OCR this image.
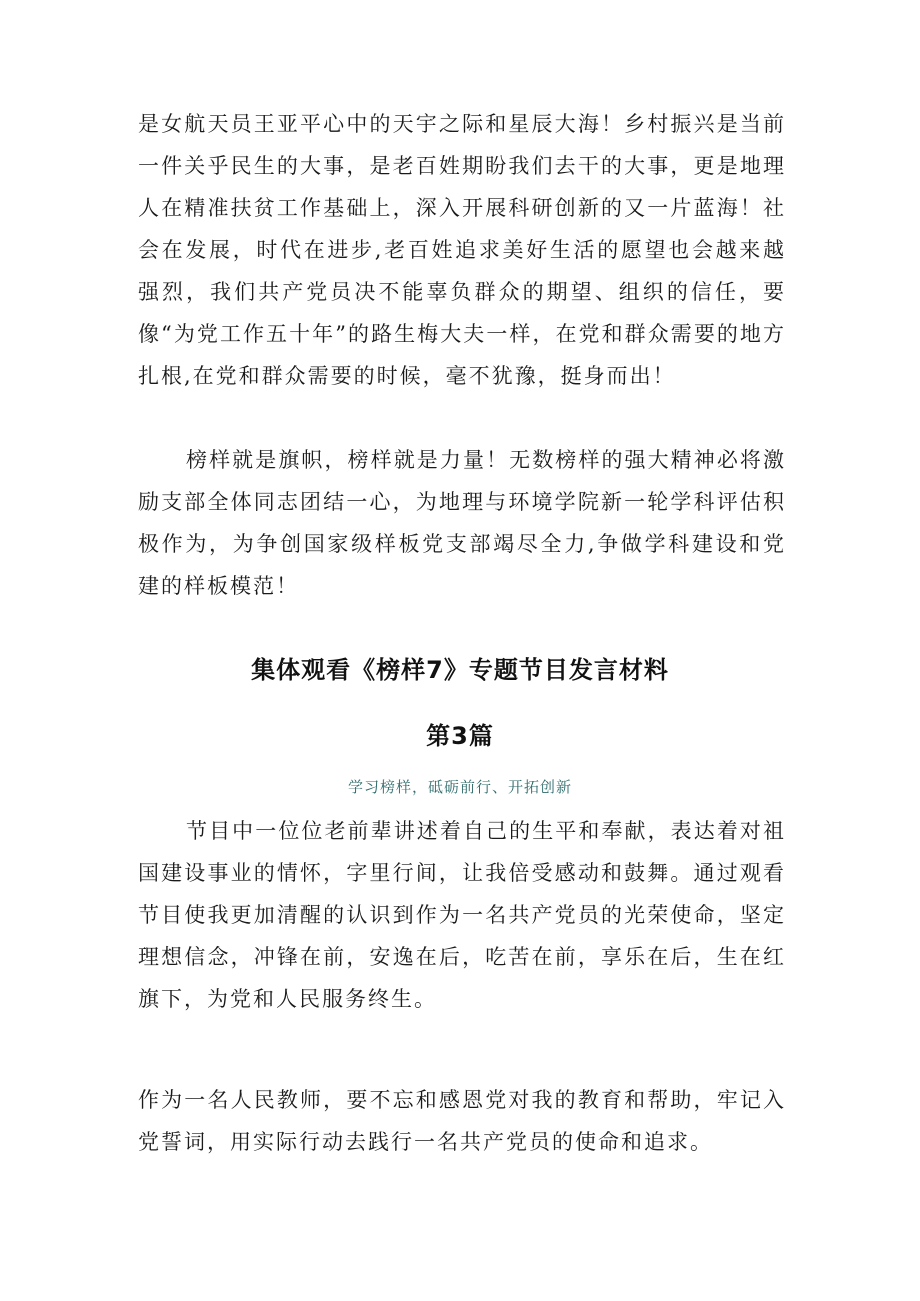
是女航天员王亚平心中的天宇之际和星辰大海！乡村振兴是当前一件关乎民生的大事，是老百姓期盼我们去干的大事，更是地理人在精准扶贫工作基础上，深入开展科研创新的又一片蓝海！社会在发展，时代在进步,老百姓追求美好生活的愿望也会越来越强烈，我们共产党员决不能辜负群众的期望、组织的信任，要像“为党工作五十年”的路生梅大夫一样，在党和群众需要的地方扎根,在党和群众需要的时候，毫不犹豫，挺身而出！

榜样就是旗帜，榜样就是力量！无数榜样的强大精神必将激励支部全体同志团结一心，为地理与环境学院新一轮学科评估积极作为，为争创国家级样板党支部竭尽全力,争做学科建设和党建的样板模范！

集体观看《榜样7》专题节目发言材料
第3篇

学习榜样，砥砺前行、开拓创新

节目中一位位老前辈讲述着自己的生平和奉献，表达着对祖国建设事业的情怀，字里行间，让我倍受感动和鼓舞。通过观看节目使我更加清醒的认识到作为一名共产党员的光荣使命，坚定理想信念，冲锋在前，安逸在后，吃苦在前，享乐在后，生在红旗下，为党和人民服务终生。

作为一名人民教师，要不忘和感恩党对我的教育和帮助，牢记入党誓词，用实际行动去践行一名共产党员的使命和追求。
